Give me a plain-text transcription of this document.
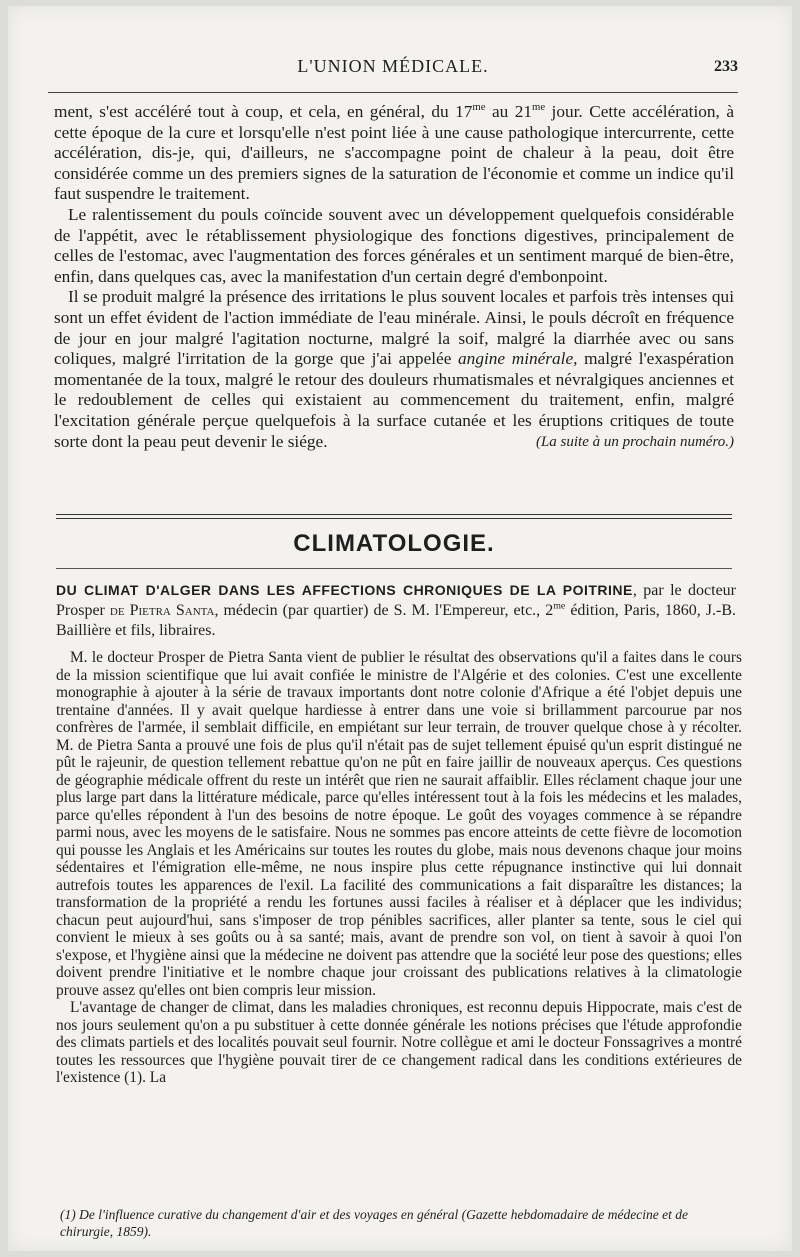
L'UNION MÉDICALE.	233

ment, s'est accéléré tout à coup, et cela, en général, du $17^{me}$ au $21^{me}$ jour. Cette accélération, à cette époque de la cure et lorsqu'elle n'est point liée à une cause pathologique intercurrente, cette accélération, dis-je, qui, d'ailleurs, ne s'accompagne point de chaleur à la peau, doit être considérée comme un des premiers signes de la saturation de l'économie et comme un indice qu'il faut suspendre le traitement.

Le ralentissement du pouls coïncide souvent avec un développement quelquefois considérable de l'appétit, avec le rétablissement physiologique des fonctions digestives, principalement de celles de l'estomac, avec l'augmentation des forces générales et un sentiment marqué de bien-être, enfin, dans quelques cas, avec la manifestation d'un certain degré d'embonpoint.

Il se produit malgré la présence des irritations le plus souvent locales et parfois très intenses qui sont un effet évident de l'action immédiate de l'eau minérale. Ainsi, le pouls décroît en fréquence de jour en jour malgré l'agitation nocturne, malgré la soif, malgré la diarrhée avec ou sans coliques, malgré l'irritation de la gorge que j'ai appelée angine minérale, malgré l'exaspération momentanée de la toux, malgré le retour des douleurs rhumatismales et névralgiques anciennes et le redoublement de celles qui existaient au commencement du traitement, enfin, malgré l'excitation générale perçue quelquefois à la surface cutanée et les éruptions critiques de toute sorte dont la peau peut devenir le siége.	(La suite à un prochain numéro.)

CLIMATOLOGIE.
DU CLIMAT D'ALGER DANS LES AFFECTIONS CHRONIQUES DE LA POITRINE, par le docteur Prosper de Pietra Santa, médecin (par quartier) de S. M. l'Empereur, etc., $2^{me}$ édition, Paris, 1860, J.-B. Baillière et fils, libraires.

M. le docteur Prosper de Pietra Santa vient de publier le résultat des observations qu'il a faites dans le cours de la mission scientifique que lui avait confiée le ministre de l'Algérie et des colonies. C'est une excellente monographie à ajouter à la série de travaux importants dont notre colonie d'Afrique a été l'objet depuis une trentaine d'années. Il y avait quelque hardiesse à entrer dans une voie si brillamment parcourue par nos confrères de l'armée, il semblait difficile, en empiétant sur leur terrain, de trouver quelque chose à y récolter. M. de Pietra Santa a prouvé une fois de plus qu'il n'était pas de sujet tellement épuisé qu'un esprit distingué ne pût le rajeunir, de question tellement rebattue qu'on ne pût en faire jaillir de nouveaux aperçus. Ces questions de géographie médicale offrent du reste un intérêt que rien ne saurait affaiblir. Elles réclament chaque jour une plus large part dans la littérature médicale, parce qu'elles intéressent tout à la fois les médecins et les malades, parce qu'elles répondent à l'un des besoins de notre époque. Le goût des voyages commence à se répandre parmi nous, avec les moyens de le satisfaire. Nous ne sommes pas encore atteints de cette fièvre de locomotion qui pousse les Anglais et les Américains sur toutes les routes du globe, mais nous devenons chaque jour moins sédentaires et l'émigration elle-même, ne nous inspire plus cette répugnance instinctive qui lui donnait autrefois toutes les apparences de l'exil. La facilité des communications a fait disparaître les distances; la transformation de la propriété a rendu les fortunes aussi faciles à réaliser et à déplacer que les individus; chacun peut aujourd'hui, sans s'imposer de trop pénibles sacrifices, aller planter sa tente, sous le ciel qui convient le mieux à ses goûts ou à sa santé; mais, avant de prendre son vol, on tient à savoir à quoi l'on s'expose, et l'hygiène ainsi que la médecine ne doivent pas attendre que la société leur pose des questions; elles doivent prendre l'initiative et le nombre chaque jour croissant des publications relatives à la climatologie prouve assez qu'elles ont bien compris leur mission.

L'avantage de changer de climat, dans les maladies chroniques, est reconnu depuis Hippocrate, mais c'est de nos jours seulement qu'on a pu substituer à cette donnée générale les notions précises que l'étude approfondie des climats partiels et des localités pouvait seul fournir. Notre collègue et ami le docteur Fonssagrives a montré toutes les ressources que l'hygiène pouvait tirer de ce changement radical dans les conditions extérieures de l'existence (1). La

(1) De l'influence curative du changement d'air et des voyages en général (Gazette hebdomadaire de médecine et de chirurgie, 1859).
